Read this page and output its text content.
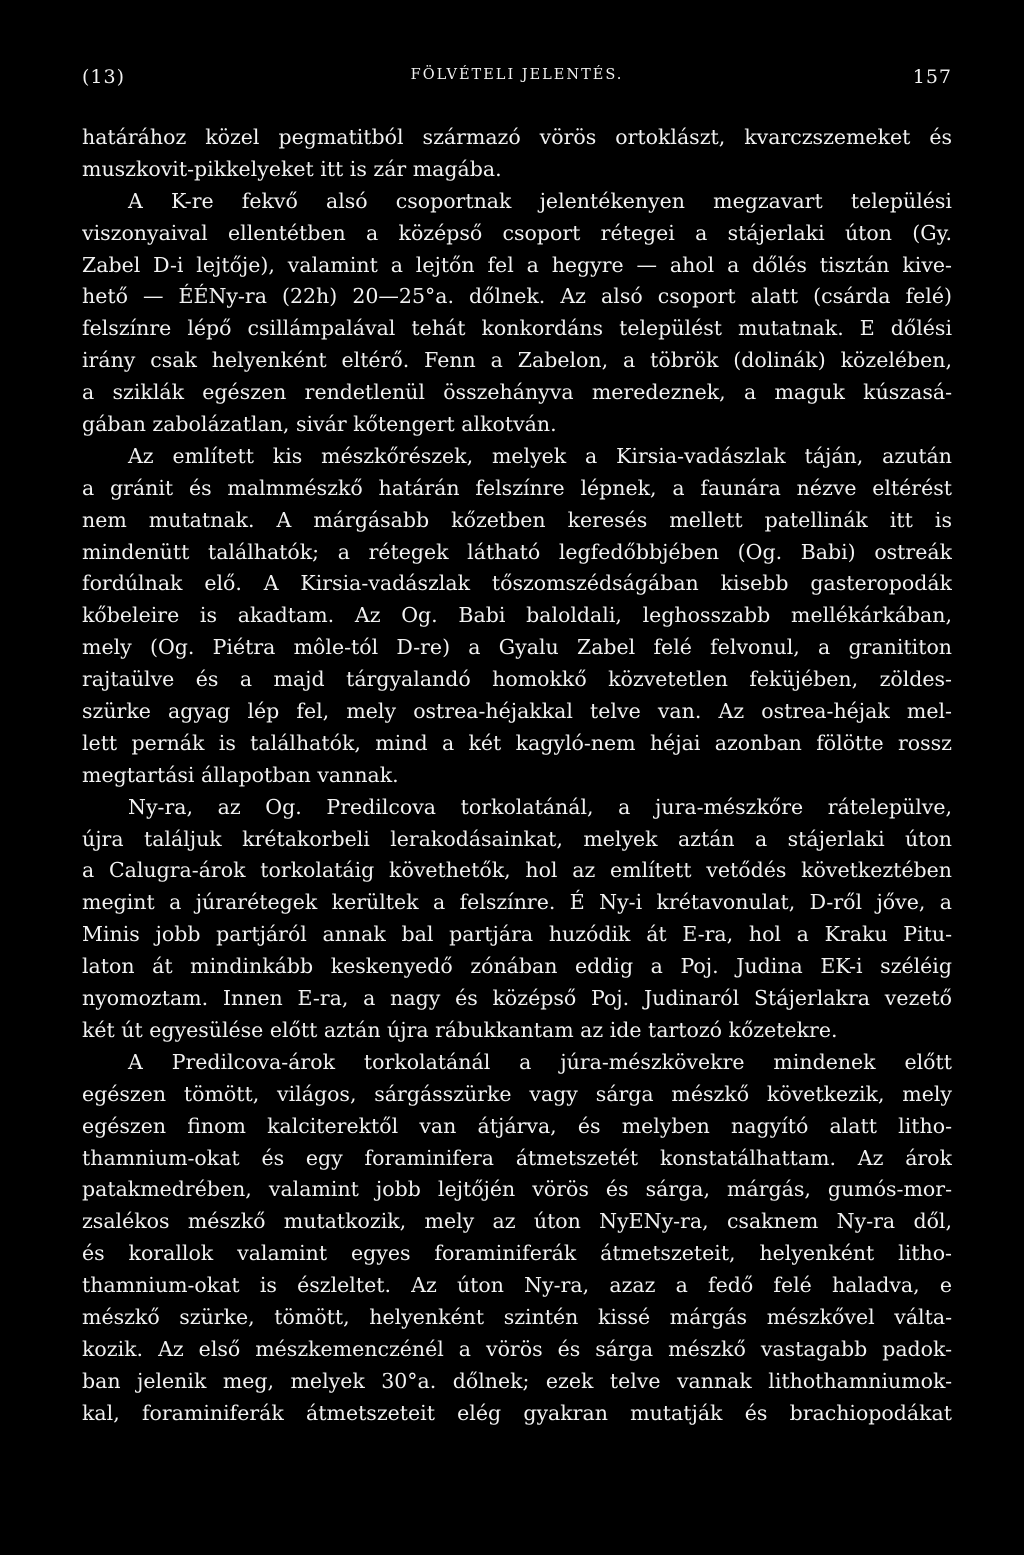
(13)	FÖLVÉTELI JELENTÉS.	157
határához közel pegmatitból származó vörös ortoklászt, kvarczszemeket és
muszkovit-pikkelyeket itt is zár magába.
A K-re fekvő alsó csoportnak jelentékenyen megzavart települési
viszonyaival ellentétben a középső csoport rétegei a stájerlaki úton (Gy.
Zabel D-i lejtője), valamint a lejtőn fel a hegyre — ahol a dőlés tisztán kive-
hető — ÉÉNy-ra (22h) 20—25°a. dőlnek. Az alsó csoport alatt (csárda felé)
felszínre lépő csillámpalával tehát konkordáns települést mutatnak. E dőlési
irány csak helyenként eltérő. Fenn a Zabelon, a töbrök (dolinák) közelében,
a sziklák egészen rendetlenül összehányva meredeznek, a maguk kúszasá-
gában zabolázatlan, sivár kőtengert alkotván.
Az említett kis mészkőrészek, melyek a Kirsia-vadászlak táján, azután
a gránit és malmmészkő határán felszínre lépnek, a faunára nézve eltérést
nem mutatnak. A márgásabb kőzetben keresés mellett patellinák itt is
mindenütt találhatók; a rétegek látható legfedőbbjében (Og. Babi) ostreák
fordúlnak elő. A Kirsia-vadászlak tőszomszédságában kisebb gasteropodák
kőbeleire is akadtam. Az Og. Babi baloldali, leghosszabb mellékárkában,
mely (Og. Piétra môle-tól D-re) a Gyalu Zabel felé felvonul, a granititon
rajtaülve és a majd tárgyalandó homokkő közvetetlen feküjében, zöldes-
szürke agyag lép fel, mely ostrea-héjakkal telve van. Az ostrea-héjak mel-
lett pernák is találhatók, mind a két kagyló-nem héjai azonban fölötte rossz
megtartási állapotban vannak.
Ny-ra, az Og. Predilcova torkolatánál, a jura-mészkőre rátelepülve,
újra találjuk krétakorbeli lerakodásainkat, melyek aztán a stájerlaki úton
a Calugra-árok torkolatáig követhetők, hol az említett vetődés következtében
megint a júrarétegek kerültek a felszínre. É Ny-i krétavonulat, D-ről jőve, a
Minis jobb partjáról annak bal partjára huzódik át E-ra, hol a Kraku Pitu-
laton át mindinkább keskenyedő zónában eddig a Poj. Judina EK-i széléig
nyomoztam. Innen E-ra, a nagy és középső Poj. Judinaról Stájerlakra vezető
két út egyesülése előtt aztán újra rábukkantam az ide tartozó kőzetekre.
A Predilcova-árok torkolatánál a júra-mészkövekre mindenek előtt
egészen tömött, világos, sárgásszürke vagy sárga mészkő következik, mely
egészen finom kalciterektől van átjárva, és melyben nagyító alatt litho-
thamnium-okat és egy foraminifera átmetszetét konstatálhattam. Az árok
patakmedrében, valamint jobb lejtőjén vörös és sárga, márgás, gumós-mor-
zsalékos mészkő mutatkozik, mely az úton NyENy-ra, csaknem Ny-ra dől,
és korallok valamint egyes foraminiferák átmetszeteit, helyenként litho-
thamnium-okat is észleltet. Az úton Ny-ra, azaz a fedő felé haladva, e
mészkő szürke, tömött, helyenként szintén kissé márgás mészkővel válta-
kozik. Az első mészkemenczénél a vörös és sárga mészkő vastagabb padok-
ban jelenik meg, melyek 30°a. dőlnek; ezek telve vannak lithothamniumok-
kal, foraminiferák átmetszeteit elég gyakran mutatják és brachiopodákat
